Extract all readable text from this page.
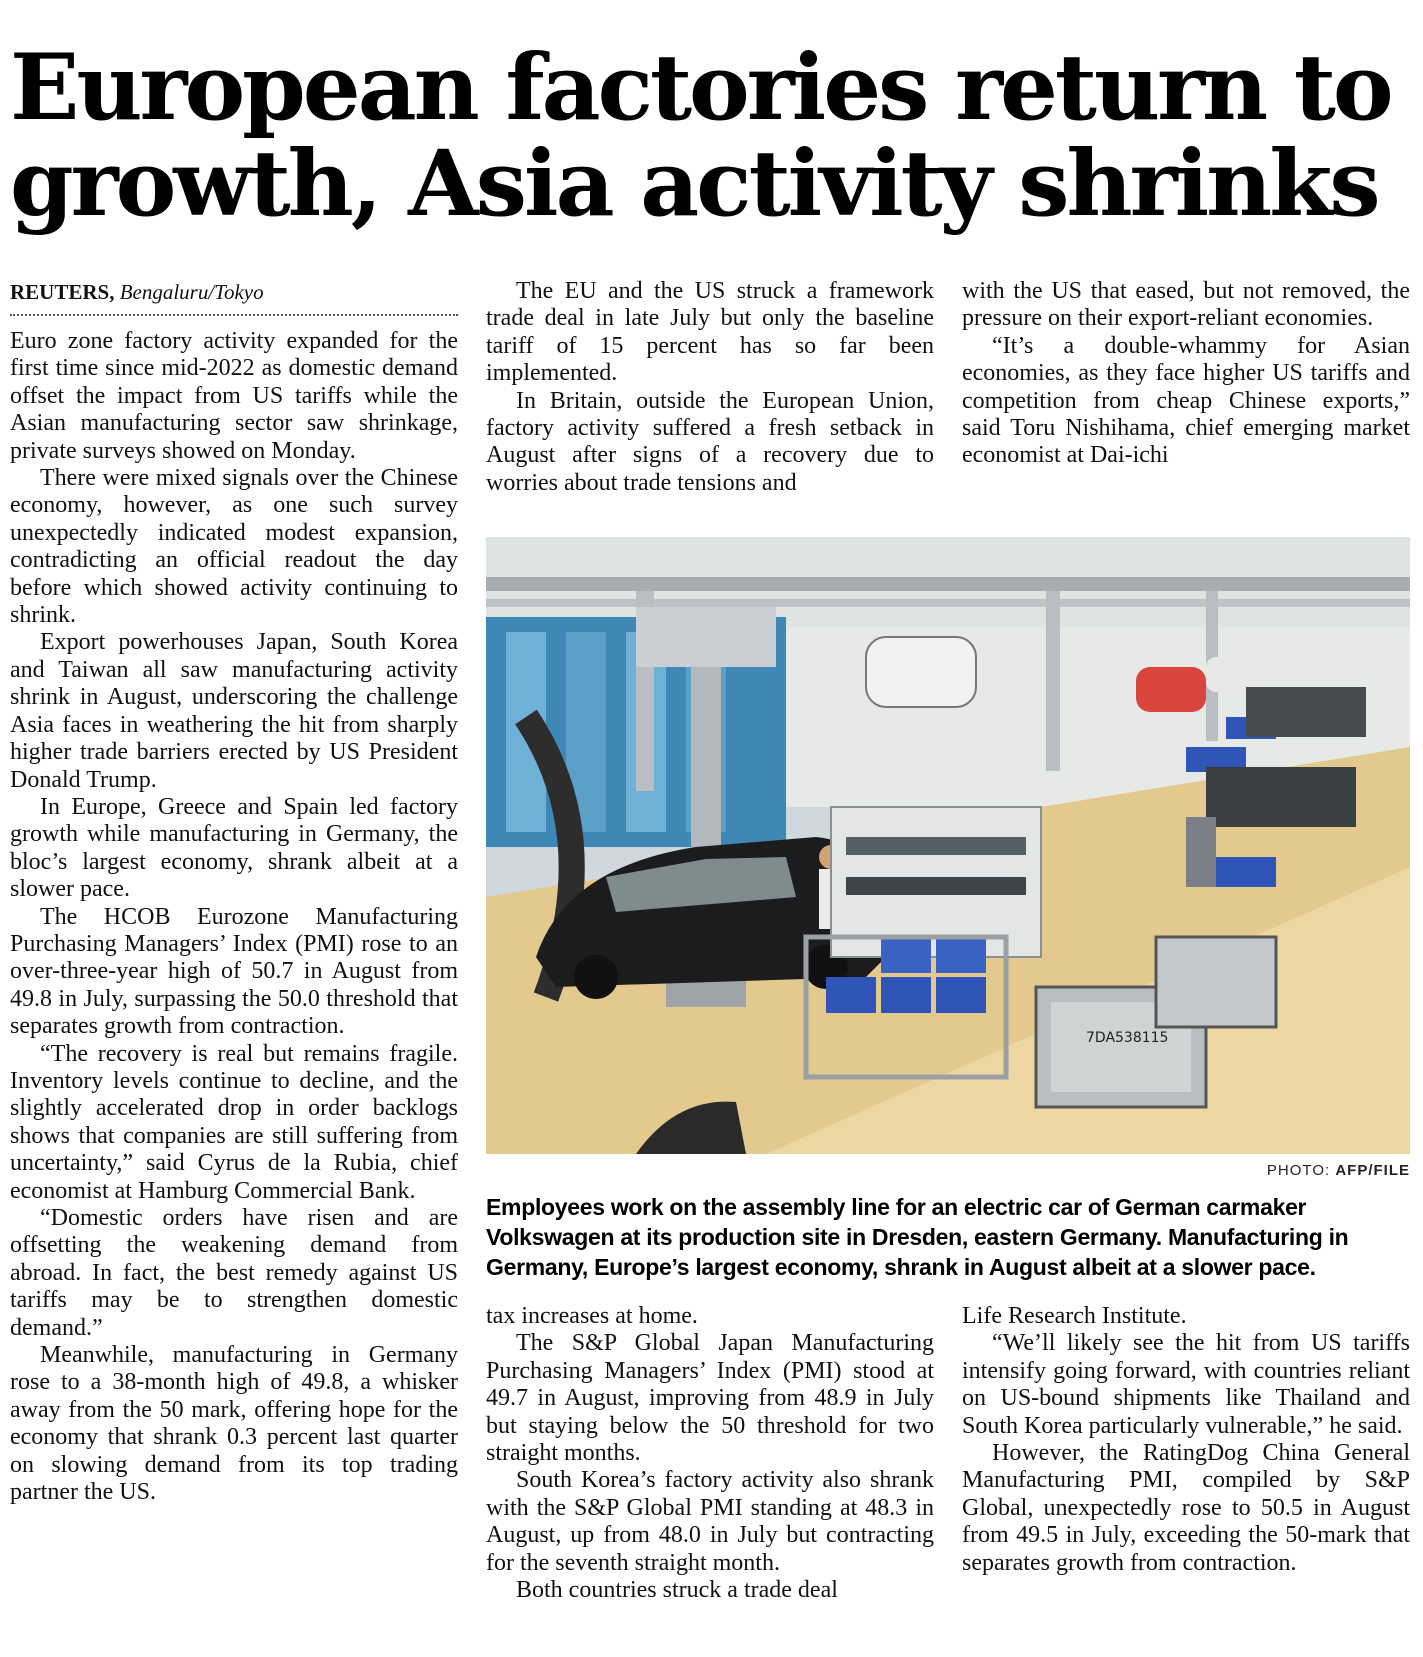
European factories return to
growth, Asia activity shrinks
REUTERS, Bengaluru/Tokyo

Euro zone factory activity expanded for the first time since mid-2022 as domestic demand offset the impact from US tariffs while the Asian manufacturing sector saw shrinkage, private surveys showed on Monday.

There were mixed signals over the Chinese economy, however, as one such survey unexpectedly indicated modest expansion, contradicting an official readout the day before which showed activity continuing to shrink.

Export powerhouses Japan, South Korea and Taiwan all saw manufacturing activity shrink in August, underscoring the challenge Asia faces in weathering the hit from sharply higher trade barriers erected by US President Donald Trump.

In Europe, Greece and Spain led factory growth while manufacturing in Germany, the bloc’s largest economy, shrank albeit at a slower pace.

The HCOB Eurozone Manufacturing Purchasing Managers’ Index (PMI) rose to an over-three-year high of 50.7 in August from 49.8 in July, surpassing the 50.0 threshold that separates growth from contraction.

“The recovery is real but remains fragile. Inventory levels continue to decline, and the slightly accelerated drop in order backlogs shows that companies are still suffering from uncertainty,” said Cyrus de la Rubia, chief economist at Hamburg Commercial Bank.

“Domestic orders have risen and are offsetting the weakening demand from abroad. In fact, the best remedy against US tariffs may be to strengthen domestic demand.”

Meanwhile, manufacturing in Germany rose to a 38-month high of 49.8, a whisker away from the 50 mark, offering hope for the economy that shrank 0.3 percent last quarter on slowing demand from its top trading partner the US.

The EU and the US struck a framework trade deal in late July but only the baseline tariff of 15 percent has so far been implemented.

In Britain, outside the European Union, factory activity suffered a fresh setback in August after signs of a recovery due to worries about trade tensions and

with the US that eased, but not removed, the pressure on their export-reliant economies.

“It’s a double-whammy for Asian economies, as they face higher US tariffs and competition from cheap Chinese exports,” said Toru Nishihama, chief emerging market economist at Dai-ichi

7DA538115
PHOTO: AFP/FILE
Employees work on the assembly line for an electric car of German carmaker Volkswagen at its production site in Dresden, eastern Germany. Manufacturing in Germany, Europe’s largest economy, shrank in August albeit at a slower pace.

tax increases at home.

The S&P Global Japan Manufacturing Purchasing Managers’ Index (PMI) stood at 49.7 in August, improving from 48.9 in July but staying below the 50 threshold for two straight months.

South Korea’s factory activity also shrank with the S&P Global PMI standing at 48.3 in August, up from 48.0 in July but contracting for the seventh straight month.

Both countries struck a trade deal

Life Research Institute.

“We’ll likely see the hit from US tariffs intensify going forward, with countries reliant on US-bound shipments like Thailand and South Korea particularly vulnerable,” he said.

However, the RatingDog China General Manufacturing PMI, compiled by S&P Global, unexpectedly rose to 50.5 in August from 49.5 in July, exceeding the 50-mark that separates growth from contraction.
